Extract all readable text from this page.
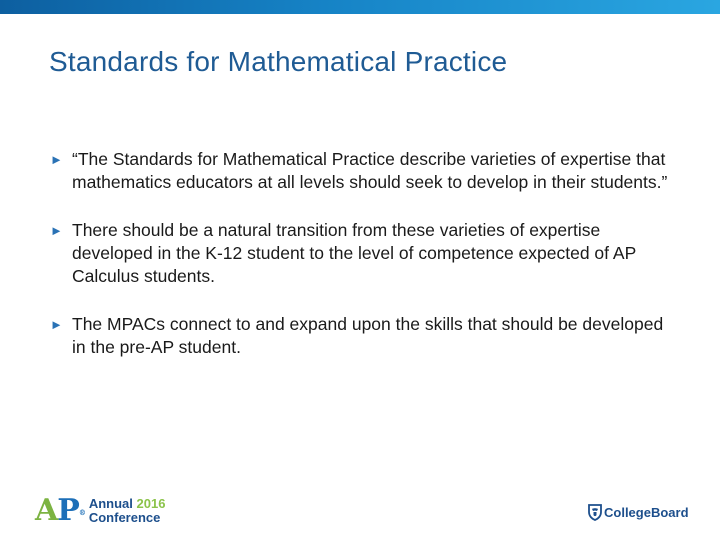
Standards for Mathematical Practice
► “The Standards for Mathematical Practice describe varieties of expertise that mathematics educators at all levels should seek to develop in their students.”
► There should be a natural transition from these varieties of expertise developed in the K-12 student to the level of competence expected of AP Calculus students.
► The MPACs connect to and expand upon the skills that should be developed in the pre-AP student.
AP®
Annual 2016
Conference	CollegeBoard
